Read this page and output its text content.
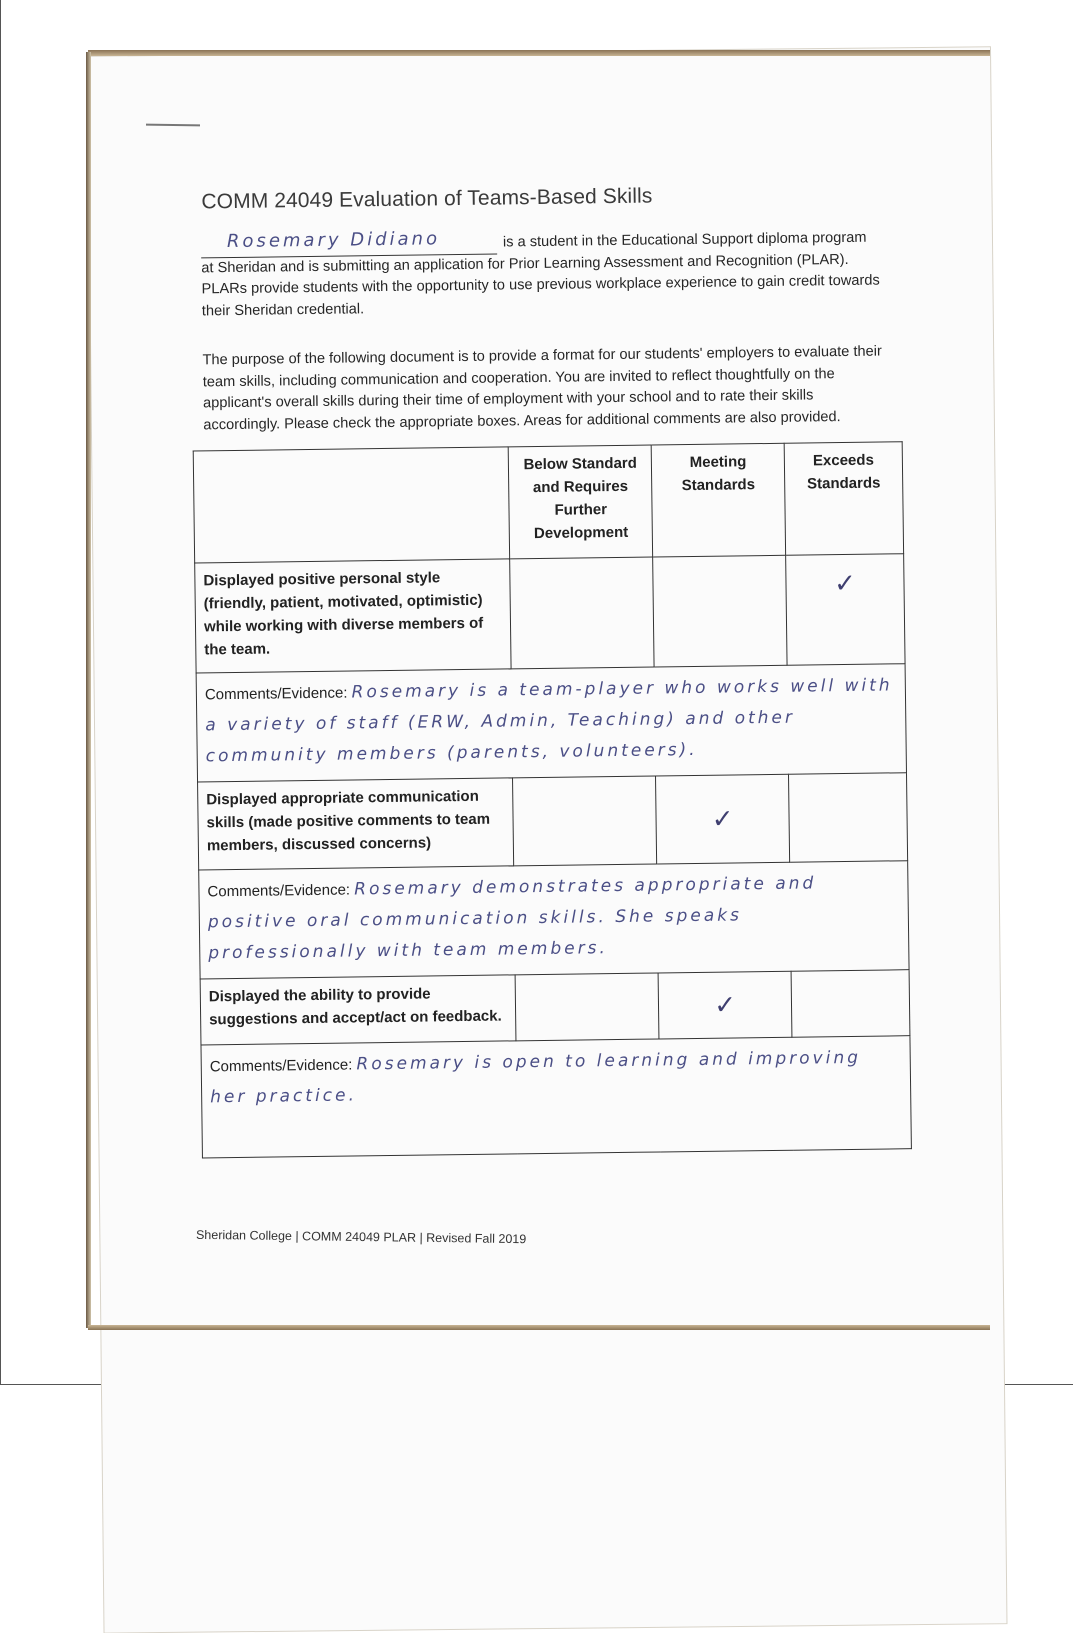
COMM 24049 Evaluation of Teams-Based Skills
Rosemary Didiano	is a student in the Educational Support diploma program at Sheridan and is submitting an application for Prior Learning Assessment and Recognition (PLAR). PLARs provide students with the opportunity to use previous workplace experience to gain credit towards their Sheridan credential.
The purpose of the following document is to provide a format for our students' employers to evaluate their team skills, including communication and cooperation. You are invited to reflect thoughtfully on the applicant's overall skills during their time of employment with your school and to rate their skills accordingly. Please check the appropriate boxes. Areas for additional comments are also provided.
	Below Standard and Requires Further Development	Meeting Standards	Exceeds Standards
Displayed positive personal style (friendly, patient, motivated, optimistic) while working with diverse members of the team.			✓
Comments/Evidence: Rosemary is a team-player who works well with a variety of staff (ERW, Admin, Teaching) and other community members (parents, volunteers).			
Displayed appropriate communication skills (made positive comments to team members, discussed concerns)		✓	
Comments/Evidence: Rosemary demonstrates appropriate and positive oral communication skills. She speaks professionally with team members.			
Displayed the ability to provide suggestions and accept/act on feedback.		✓	
Comments/Evidence: Rosemary is open to learning and improving her practice.			
Sheridan College | COMM 24049 PLAR | Revised Fall 2019
